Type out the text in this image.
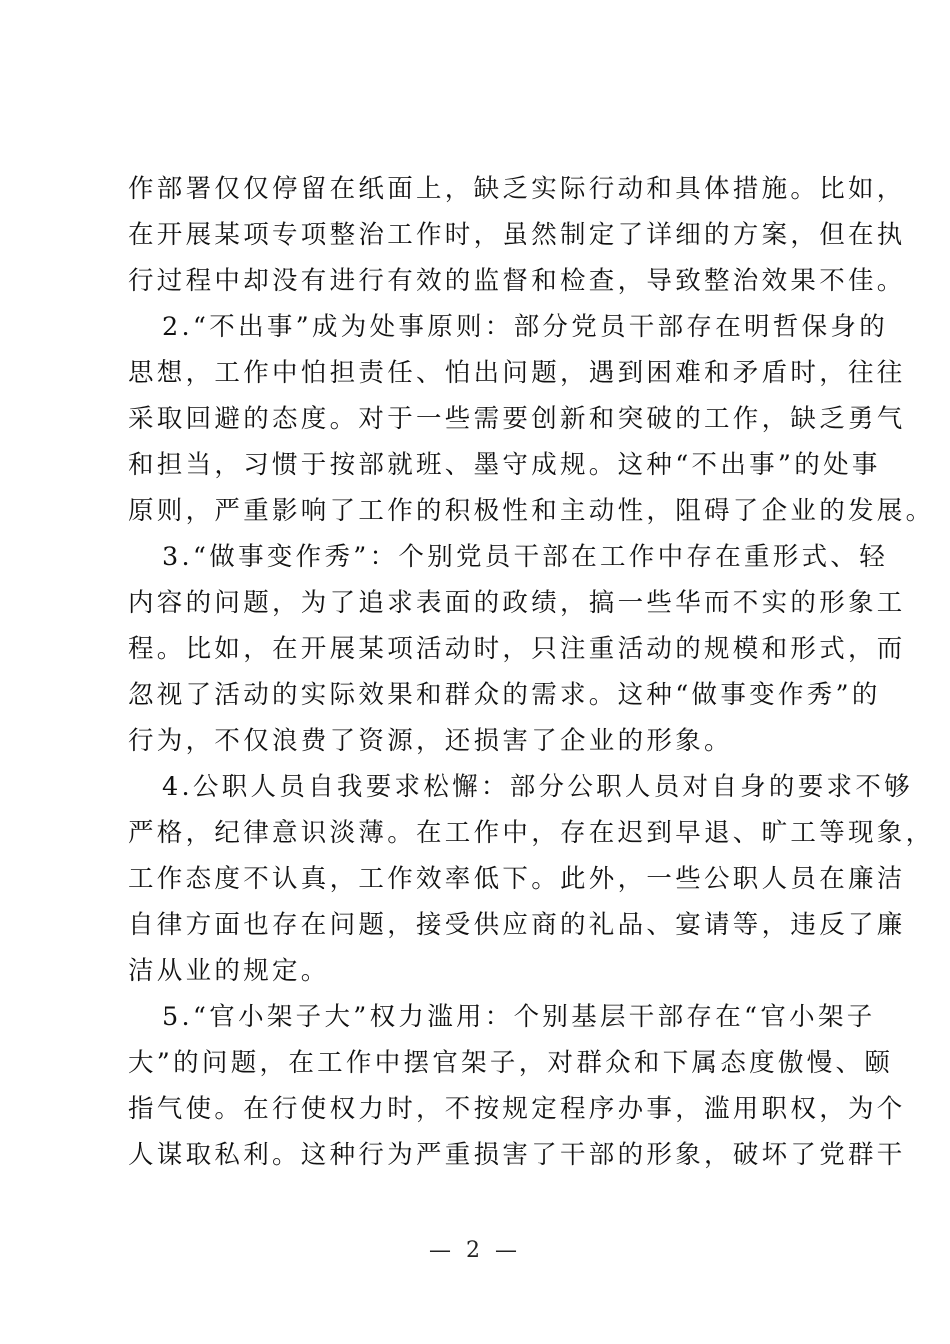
作部署仅仅停留在纸面上，缺乏实际行动和具体措施。比如，
在开展某项专项整治工作时，虽然制定了详细的方案，但在执
行过程中却没有进行有效的监督和检查，导致整治效果不佳。
2.“不出事”成为处事原则：部分党员干部存在明哲保身的
思想，工作中怕担责任、怕出问题，遇到困难和矛盾时，往往
采取回避的态度。对于一些需要创新和突破的工作，缺乏勇气
和担当，习惯于按部就班、墨守成规。这种“不出事”的处事
原则，严重影响了工作的积极性和主动性，阻碍了企业的发展。
3.“做事变作秀”：个别党员干部在工作中存在重形式、轻
内容的问题，为了追求表面的政绩，搞一些华而不实的形象工
程。比如，在开展某项活动时，只注重活动的规模和形式，而
忽视了活动的实际效果和群众的需求。这种“做事变作秀”的
行为，不仅浪费了资源，还损害了企业的形象。
4.公职人员自我要求松懈：部分公职人员对自身的要求不够
严格，纪律意识淡薄。在工作中，存在迟到早退、旷工等现象，
工作态度不认真，工作效率低下。此外，一些公职人员在廉洁
自律方面也存在问题，接受供应商的礼品、宴请等，违反了廉
洁从业的规定。
5.“官小架子大”权力滥用：个别基层干部存在“官小架子
大”的问题，在工作中摆官架子，对群众和下属态度傲慢、颐
指气使。在行使权力时，不按规定程序办事，滥用职权，为个
人谋取私利。这种行为严重损害了干部的形象，破坏了党群干
— 2 —
